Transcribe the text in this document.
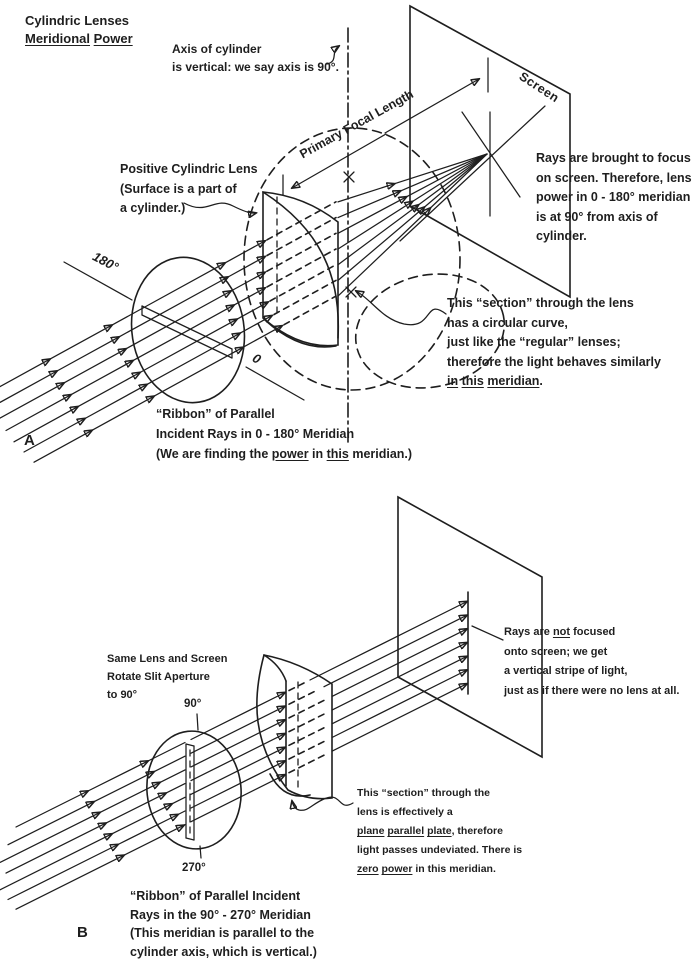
Cylindric Lenses
Meridional Power
Axis of cylinder
is vertical: we say axis is 90°.
Screen
Primary Focal Length
Positive Cylindric Lens
(Surface is a part of
a cylinder.)
Rays are brought to focus
on screen. Therefore, lens
power in 0 - 180° meridian
is at 90° from axis of
cylinder.
This “section” through the lens
has a circular curve,
just like the “regular” lenses;
therefore the light behaves similarly
in this meridian.
180°
0
“Ribbon” of Parallel
Incident Rays in 0 - 180° Meridian
(We are finding the power in this meridian.)
A
Same Lens and Screen
Rotate Slit Aperture
to 90°
90°
270°
Rays are not focused
onto screen; we get
a vertical stripe of light,
just as if there were no lens at all.
This “section” through the
lens is effectively a
plane parallel plate, therefore
light passes undeviated. There is
zero power in this meridian.
“Ribbon” of Parallel Incident
Rays in the 90° - 270° Meridian
(This meridian is parallel to the
cylinder axis, which is vertical.)
B
